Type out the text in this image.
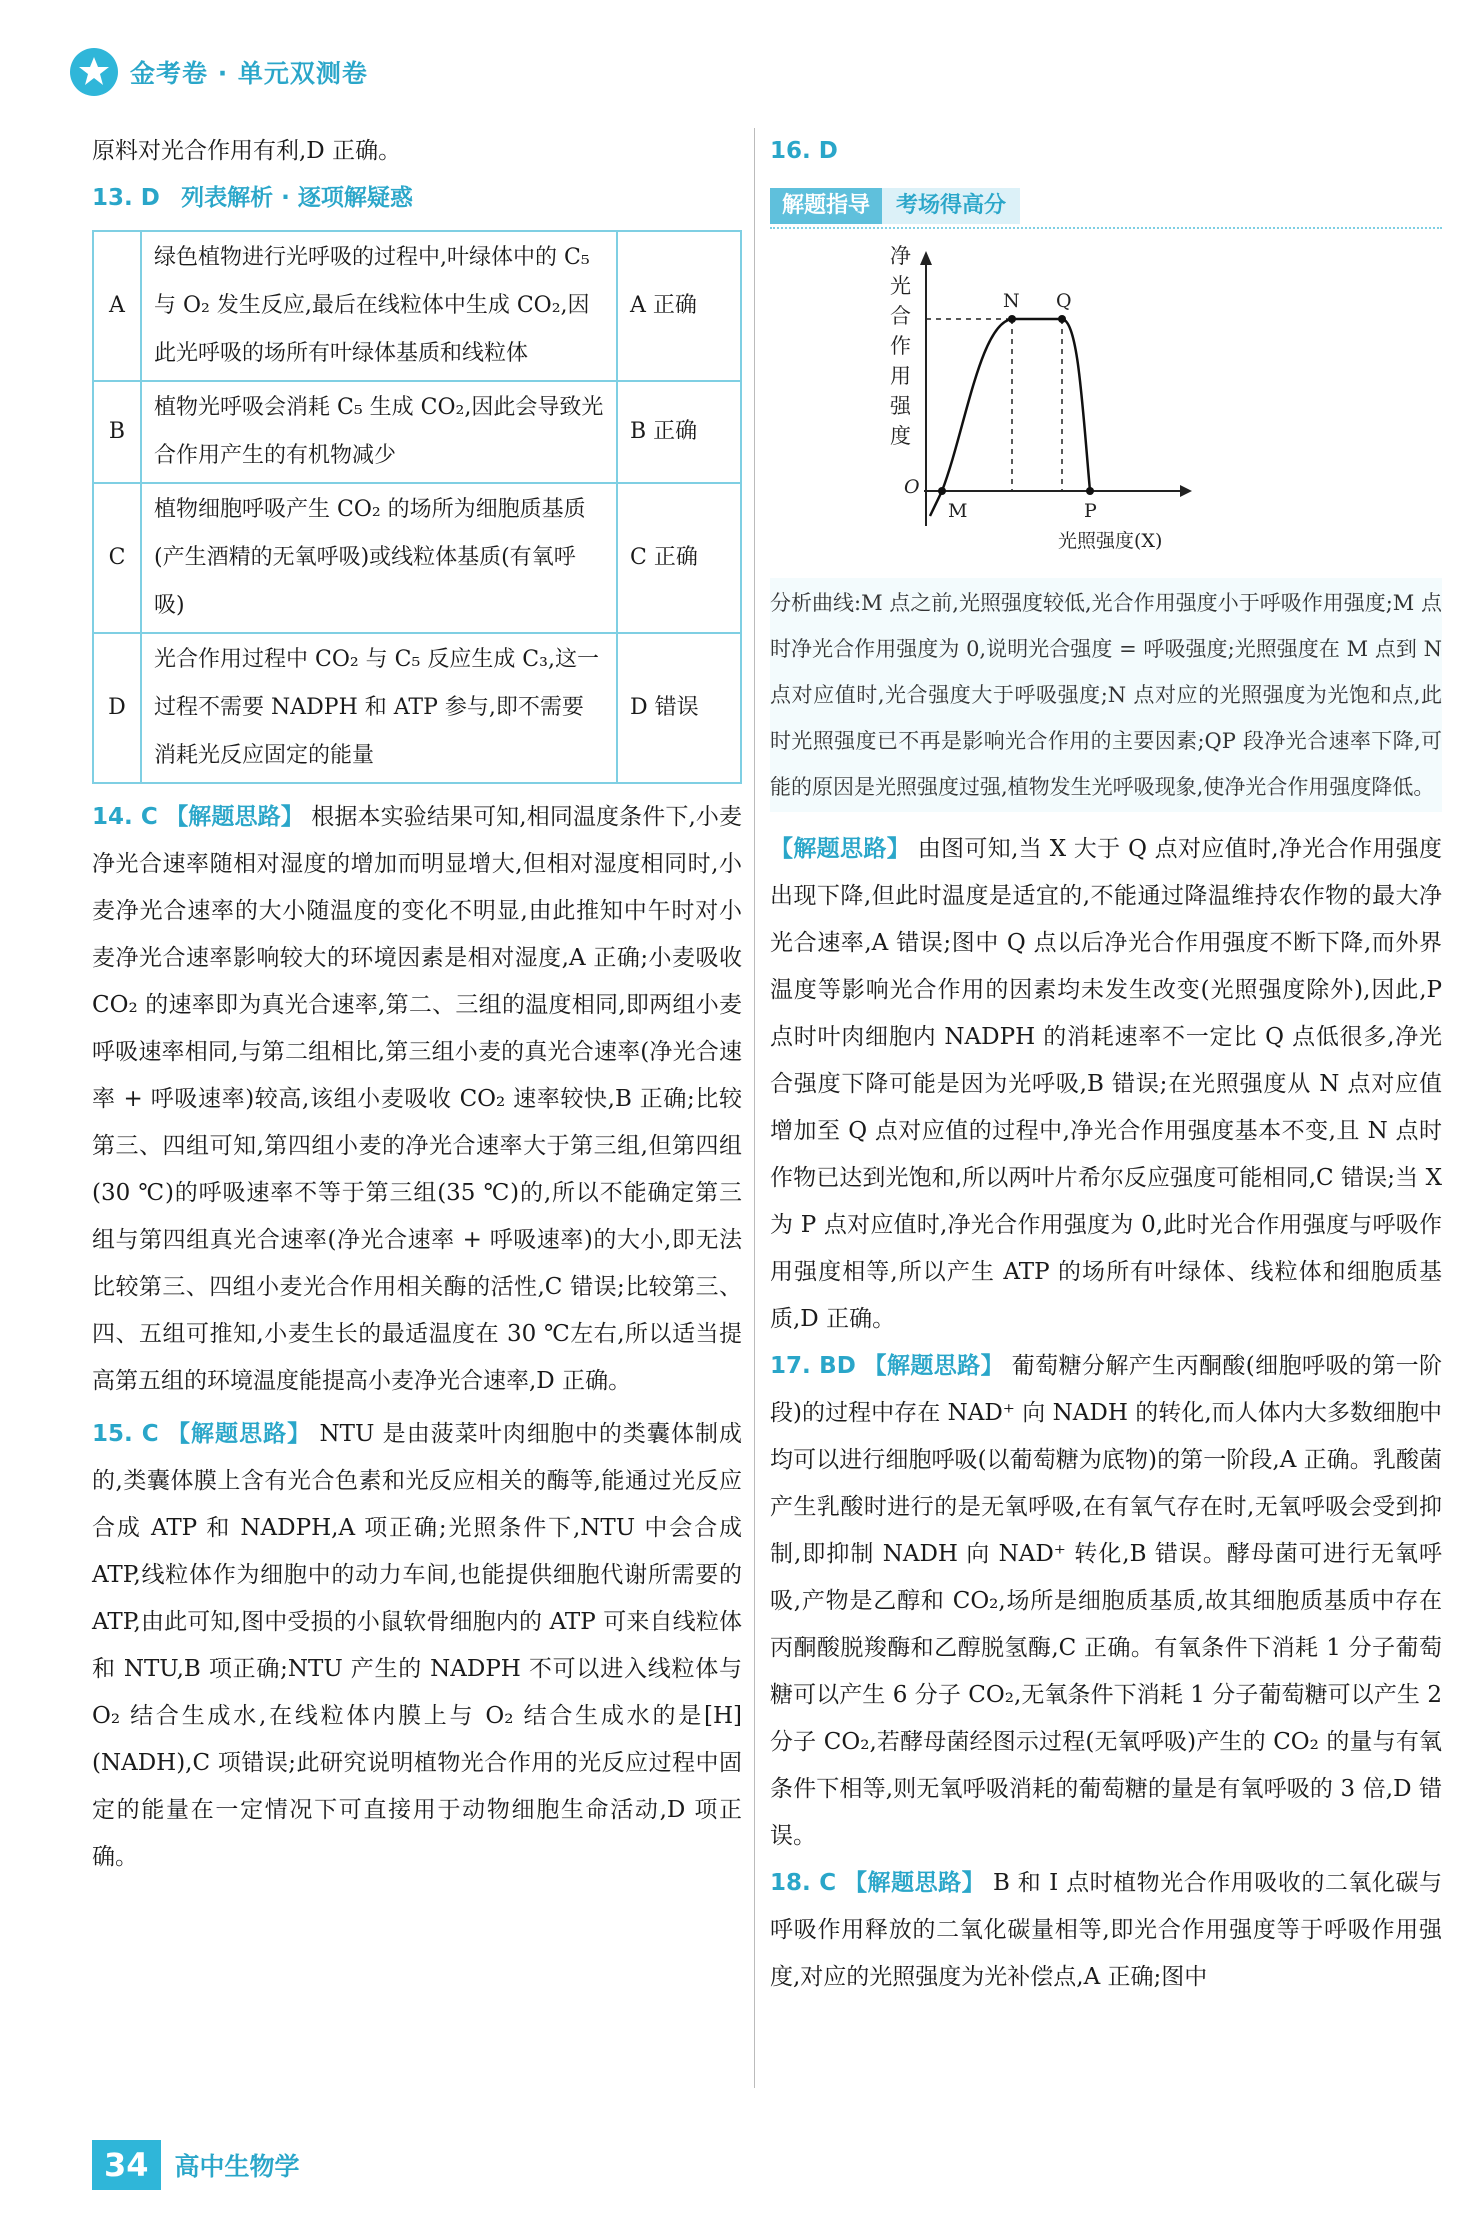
金考卷 · 单元双测卷

原料对光合作用有利,D 正确。

13. D 列表解析 · 逐项解疑惑
A	绿色植物进行光呼吸的过程中,叶绿体中的 C₅ 与 O₂ 发生反应,最后在线粒体中生成 CO₂,因此光呼吸的场所有叶绿体基质和线粒体	A 正确
B	植物光呼吸会消耗 C₅ 生成 CO₂,因此会导致光合作用产生的有机物减少	B 正确
C	植物细胞呼吸产生 CO₂ 的场所为细胞质基质(产生酒精的无氧呼吸)或线粒体基质(有氧呼吸)	C 正确
D	光合作用过程中 CO₂ 与 C₅ 反应生成 C₃,这一过程不需要 NADPH 和 ATP 参与,即不需要消耗光反应固定的能量	D 错误

14. C 【解题思路】 根据本实验结果可知,相同温度条件下,小麦净光合速率随相对湿度的增加而明显增大,但相对湿度相同时,小麦净光合速率的大小随温度的变化不明显,由此推知中午时对小麦净光合速率影响较大的环境因素是相对湿度,A 正确;小麦吸收 CO₂ 的速率即为真光合速率,第二、三组的温度相同,即两组小麦呼吸速率相同,与第二组相比,第三组小麦的真光合速率(净光合速率 + 呼吸速率)较高,该组小麦吸收 CO₂ 速率较快,B 正确;比较第三、四组可知,第四组小麦的净光合速率大于第三组,但第四组(30 ℃)的呼吸速率不等于第三组(35 ℃)的,所以不能确定第三组与第四组真光合速率(净光合速率 + 呼吸速率)的大小,即无法比较第三、四组小麦光合作用相关酶的活性,C 错误;比较第三、四、五组可推知,小麦生长的最适温度在 30 ℃左右,所以适当提高第五组的环境温度能提高小麦净光合速率,D 正确。

15. C 【解题思路】 NTU 是由菠菜叶肉细胞中的类囊体制成的,类囊体膜上含有光合色素和光反应相关的酶等,能通过光反应合成 ATP 和 NADPH,A 项正确;光照条件下,NTU 中会合成 ATP,线粒体作为细胞中的动力车间,也能提供细胞代谢所需要的 ATP,由此可知,图中受损的小鼠软骨细胞内的 ATP 可来自线粒体和 NTU,B 项正确;NTU 产生的 NADPH 不可以进入线粒体与 O₂ 结合生成水,在线粒体内膜上与 O₂ 结合生成水的是[H](NADH),C 项错误;此研究说明植物光合作用的光反应过程中固定的能量在一定情况下可直接用于动物细胞生命活动,D 项正确。

16. D
解题指导	考场得高分
净
光
合
作
用
强
度
O
M
N Q
P
光照强度(X)

分析曲线:M 点之前,光照强度较低,光合作用强度小于呼吸作用强度;M 点时净光合作用强度为 0,说明光合强度 = 呼吸强度;光照强度在 M 点到 N 点对应值时,光合强度大于呼吸强度;N 点对应的光照强度为光饱和点,此时光照强度已不再是影响光合作用的主要因素;QP 段净光合速率下降,可能的原因是光照强度过强,植物发生光呼吸现象,使净光合作用强度降低。

【解题思路】 由图可知,当 X 大于 Q 点对应值时,净光合作用强度出现下降,但此时温度是适宜的,不能通过降温维持农作物的最大净光合速率,A 错误;图中 Q 点以后净光合作用强度不断下降,而外界温度等影响光合作用的因素均未发生改变(光照强度除外),因此,P 点时叶肉细胞内 NADPH 的消耗速率不一定比 Q 点低很多,净光合强度下降可能是因为光呼吸,B 错误;在光照强度从 N 点对应值增加至 Q 点对应值的过程中,净光合作用强度基本不变,且 N 点时作物已达到光饱和,所以两叶片希尔反应强度可能相同,C 错误;当 X 为 P 点对应值时,净光合作用强度为 0,此时光合作用强度与呼吸作用强度相等,所以产生 ATP 的场所有叶绿体、线粒体和细胞质基质,D 正确。

17. BD 【解题思路】 葡萄糖分解产生丙酮酸(细胞呼吸的第一阶段)的过程中存在 NAD⁺ 向 NADH 的转化,而人体内大多数细胞中均可以进行细胞呼吸(以葡萄糖为底物)的第一阶段,A 正确。乳酸菌产生乳酸时进行的是无氧呼吸,在有氧气存在时,无氧呼吸会受到抑制,即抑制 NADH 向 NAD⁺ 转化,B 错误。酵母菌可进行无氧呼吸,产物是乙醇和 CO₂,场所是细胞质基质,故其细胞质基质中存在丙酮酸脱羧酶和乙醇脱氢酶,C 正确。有氧条件下消耗 1 分子葡萄糖可以产生 6 分子 CO₂,无氧条件下消耗 1 分子葡萄糖可以产生 2 分子 CO₂,若酵母菌经图示过程(无氧呼吸)产生的 CO₂ 的量与有氧条件下相等,则无氧呼吸消耗的葡萄糖的量是有氧呼吸的 3 倍,D 错误。

18. C 【解题思路】 B 和 I 点时植物光合作用吸收的二氧化碳与呼吸作用释放的二氧化碳量相等,即光合作用强度等于呼吸作用强度,对应的光照强度为光补偿点,A 正确;图中

34	高中生物学
